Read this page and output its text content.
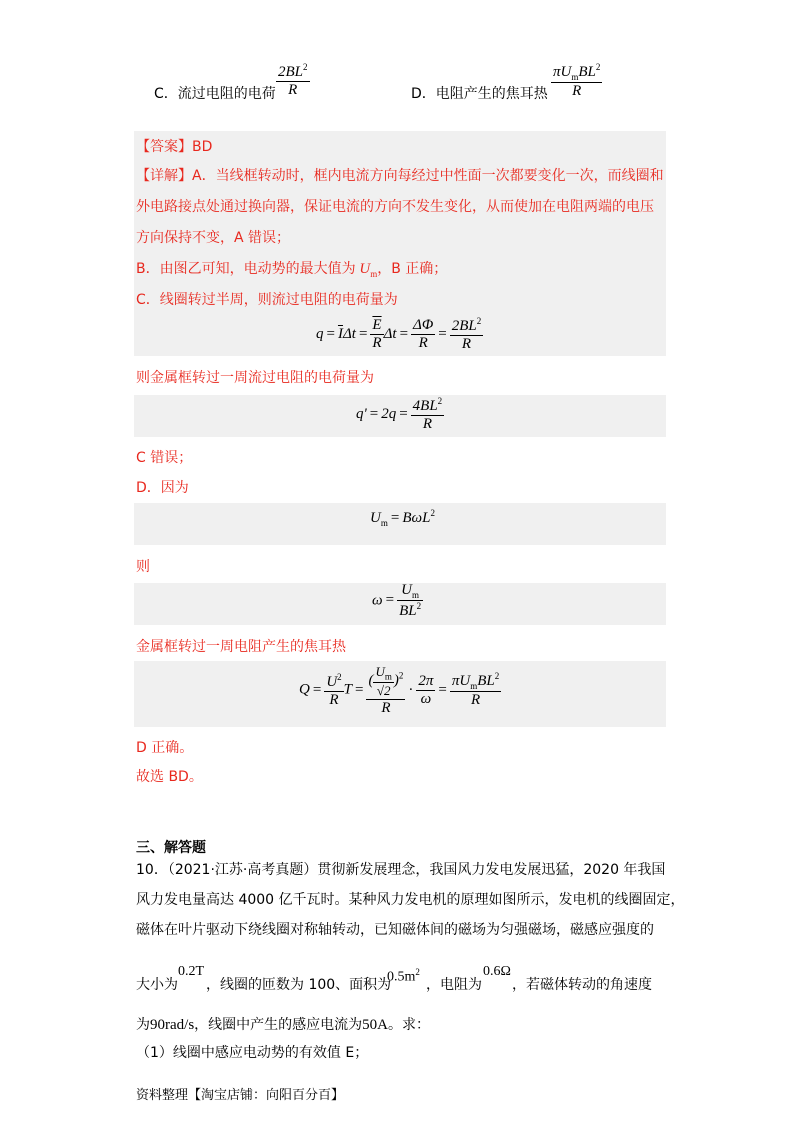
C．流过电阻的电荷 $\frac{2BL^2}{R}$	D．电阻产生的焦耳热 $\frac{\pi U_mBL^2}{R}$
【答案】BD
【详解】A．当线框转动时，框内电流方向每经过中性面一次都要变化一次，而线圈和
外电路接点处通过换向器，保证电流的方向不发生变化，从而使加在电阻两端的电压
方向保持不变，A 错误；
B．由图乙可知，电动势的最大值为 $U_m$，B 正确；
C．线圈转过半周，则流过电阻的电荷量为
$q = \overline{I}\Delta t = \frac{\overline{E}}{R}$ $\Delta t = \frac{\Delta\Phi}{R} = \frac{2BL^2}{R}$
则金属框转过一周流过电阻的电荷量为
$q' = 2q = \frac{4BL^2}{R}$
C 错误；
D．因为
$U_m = B\omega L^2$
则
$\omega = \frac{U_m}{BL^2}$
金属框转过一周电阻产生的焦耳热
$Q = \frac{U^2}{R}$ $T = \frac{( \frac{U_m}{√2} )^2}{R} \cdot \frac{2\pi}{\omega} = \frac{\pi U_mBL^2}{R}$
D 正确。
故选 BD。
三、解答题
10．（2021·江苏·高考真题）贯彻新发展理念，我国风力发电发展迅猛，2020 年我国
风力发电量高达 4000 亿千瓦时。某种风力发电机的原理如图所示，发电机的线圈固定，
磁体在叶片驱动下绕线圈对称轴转动，已知磁体间的磁场为匀强磁场，磁感应强度的
大小为
0.2T
，线圈的匝数为 100、面积为
$0.5m^2$
，电阻为
0.6Ω
，若磁体转动的角速度
为90rad/s，线圈中产生的感应电流为50A。求：
（1）线圈中感应电动势的有效值 E；
资料整理【淘宝店铺：向阳百分百】
